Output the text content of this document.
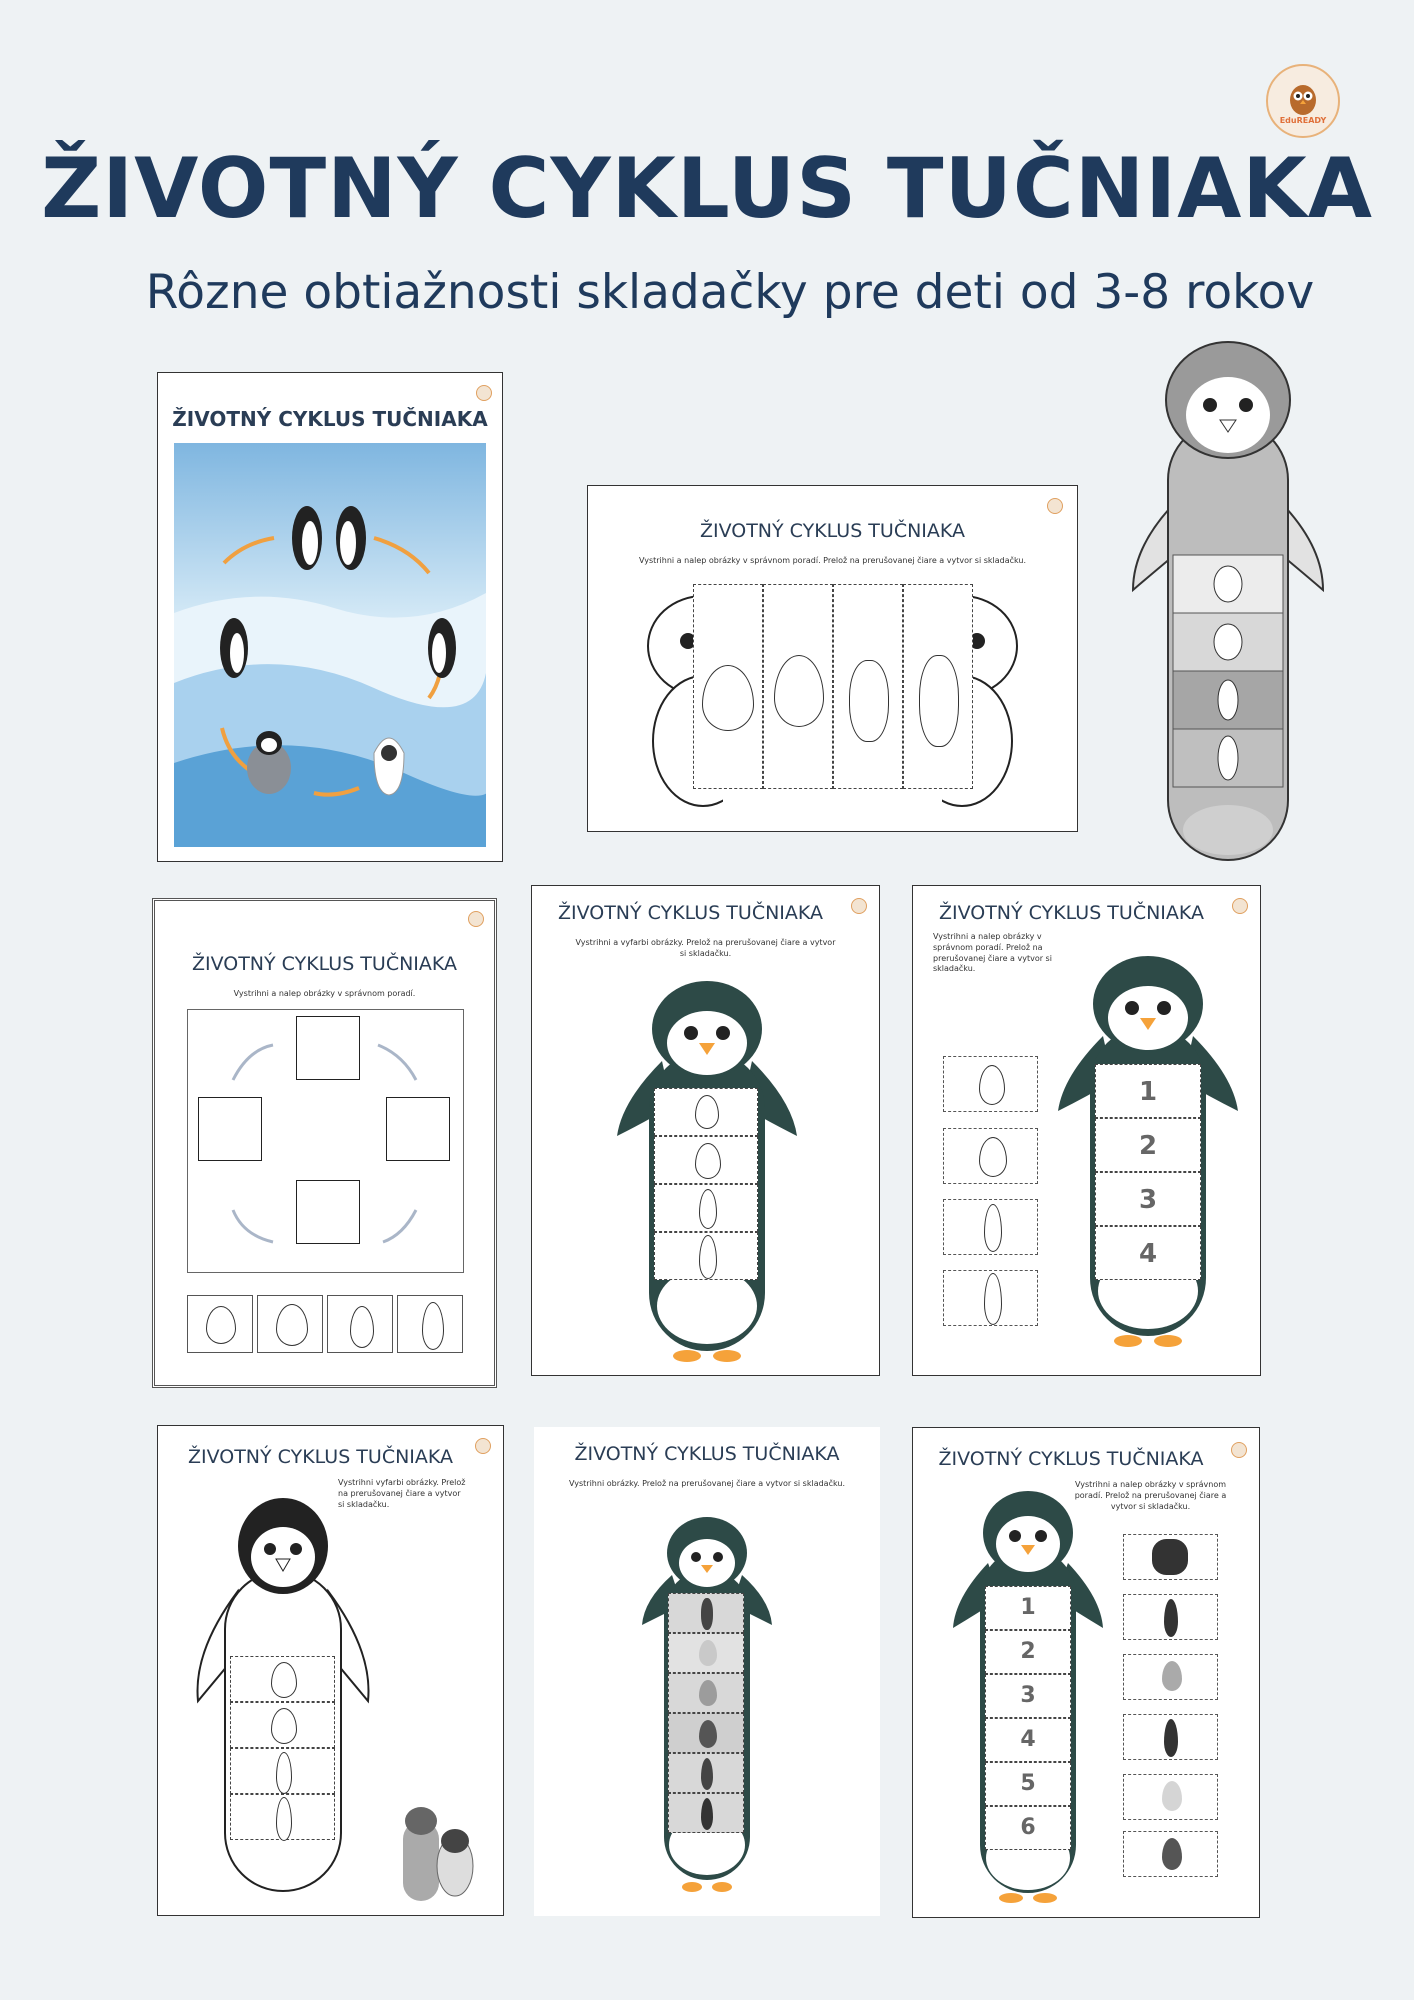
EduREADY
ŽIVOTNÝ CYKLUS TUČNIAKA
Rôzne obtiažnosti skladačky pre deti od 3-8 rokov
ŽIVOTNÝ CYKLUS TUČNIAKA
ŽIVOTNÝ CYKLUS TUČNIAKA
Vystrihni a nalep obrázky v správnom poradí. Prelož na prerušovanej čiare a vytvor si skladačku.
ŽIVOTNÝ CYKLUS TUČNIAKA
Vystrihni a nalep obrázky v správnom poradí.
ŽIVOTNÝ CYKLUS TUČNIAKA
Vystrihni a vyfarbi obrázky. Prelož na prerušovanej čiare a vytvor si skladačku.
ŽIVOTNÝ CYKLUS TUČNIAKA
Vystrihni a nalep obrázky v správnom poradí. Prelož na prerušovanej čiare a vytvor si skladačku.
1
2
3
4
ŽIVOTNÝ CYKLUS TUČNIAKA
Vystrihni vyfarbi obrázky. Prelož na prerušovanej čiare a vytvor si skladačku.
ŽIVOTNÝ CYKLUS TUČNIAKA
Vystrihni obrázky. Prelož na prerušovanej čiare a vytvor si skladačku.
ŽIVOTNÝ CYKLUS TUČNIAKA
Vystrihni a nalep obrázky v správnom poradí. Prelož na prerušovanej čiare a vytvor si skladačku.
1
2
3
4
5
6
